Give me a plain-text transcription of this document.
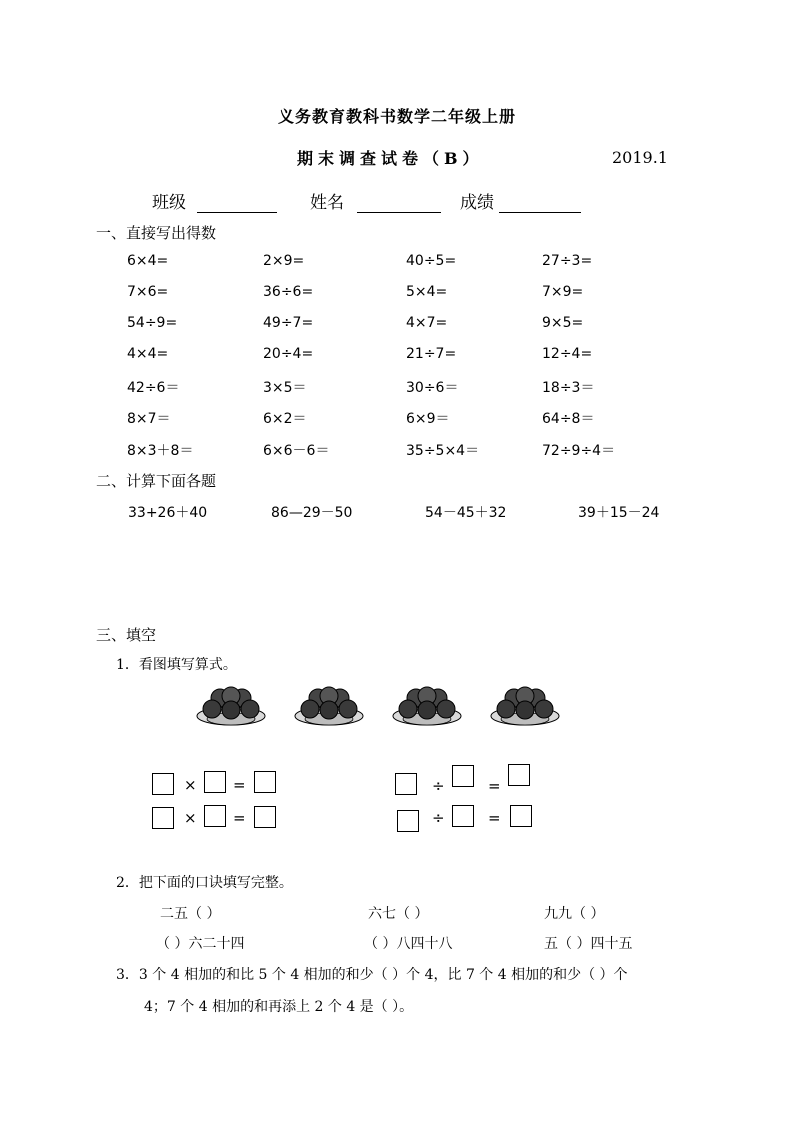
义务教育教科书数学二年级上册
期末调查试卷（B）	2019.1
班级	姓名	成绩
一、直接写出得数
6×4=	2×9=	40÷5=	27÷3=
7×6=	36÷6=	5×4=	7×9=
54÷9=	49÷7=	4×7=	9×5=
4×4=	20÷4=	21÷7=	12÷4=
42÷6＝	3×5＝	30÷6＝	18÷3＝
8×7＝	6×2＝	6×9＝	64÷8＝
8×3＋8＝	6×6－6＝	35÷5×4＝	72÷9÷4＝
二、计算下面各题
33+26＋40	86—29－50	54－45＋32	39＋15－24
三、填空
1．看图填写算式。
× =
× =
÷	=
÷	=
2．把下面的口诀填写完整。
二五（ ）	六七（ ）	九九（ ）
（ ）六二十四	（ ）八四十八	五（ ）四十五
3．3 个 4 相加的和比 5 个 4 相加的和少（ ）个 4，比 7 个 4 相加的和少（ ）个
4；7 个 4 相加的和再添上 2 个 4 是（ ）。
